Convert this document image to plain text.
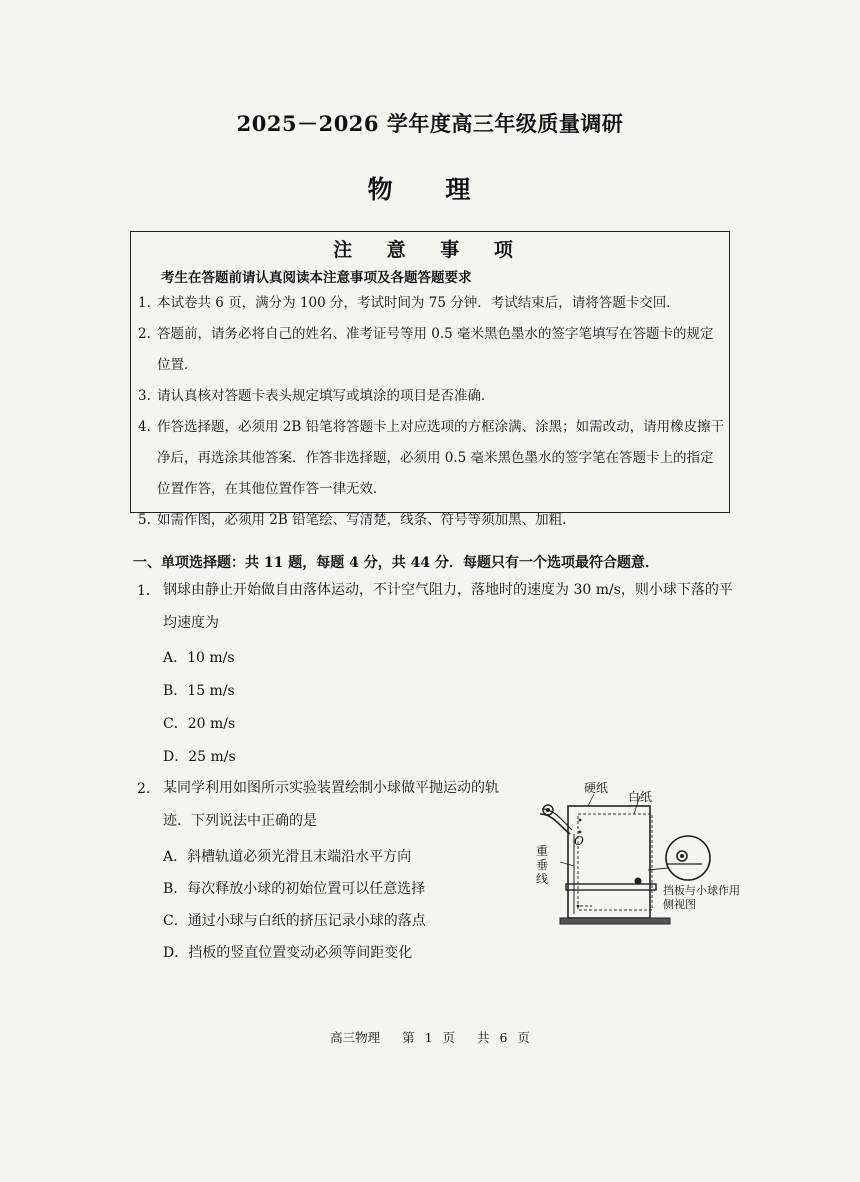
2025－2026 学年度高三年级质量调研
物 理
注 意 事 项
考生在答题前请认真阅读本注意事项及各题答题要求
1. 本试卷共 6 页，满分为 100 分，考试时间为 75 分钟．考试结束后，请将答题卡交回．
2. 答题前，请务必将自己的姓名、准考证号等用 0.5 毫米黑色墨水的签字笔填写在答题卡的规定位置．
3. 请认真核对答题卡表头规定填写或填涂的项目是否准确．
4. 作答选择题，必须用 2B 铅笔将答题卡上对应选项的方框涂满、涂黑；如需改动，请用橡皮擦干净后，再选涂其他答案．作答非选择题，必须用 0.5 毫米黑色墨水的签字笔在答题卡上的指定位置作答，在其他位置作答一律无效．
5. 如需作图，必须用 2B 铅笔绘、写清楚，线条、符号等须加黑、加粗．
一、单项选择题：共 11 题，每题 4 分，共 44 分．每题只有一个选项最符合题意．
1. 钢球由静止开始做自由落体运动，不计空气阻力，落地时的速度为 30 m/s，则小球下落的平均速度为
A．10 m/s
B．15 m/s
C．20 m/s
D．25 m/s
2. 某同学利用如图所示实验装置绘制小球做平抛运动的轨迹．下列说法中正确的是
A．斜槽轨道必须光滑且末端沿水平方向
B．每次释放小球的初始位置可以任意选择
C．通过小球与白纸的挤压记录小球的落点
D．挡板的竖直位置变动必须等间距变化
硬纸
白纸
O
重垂线
挡板与小球作用侧视图
高三物理 第 1 页 共 6 页
